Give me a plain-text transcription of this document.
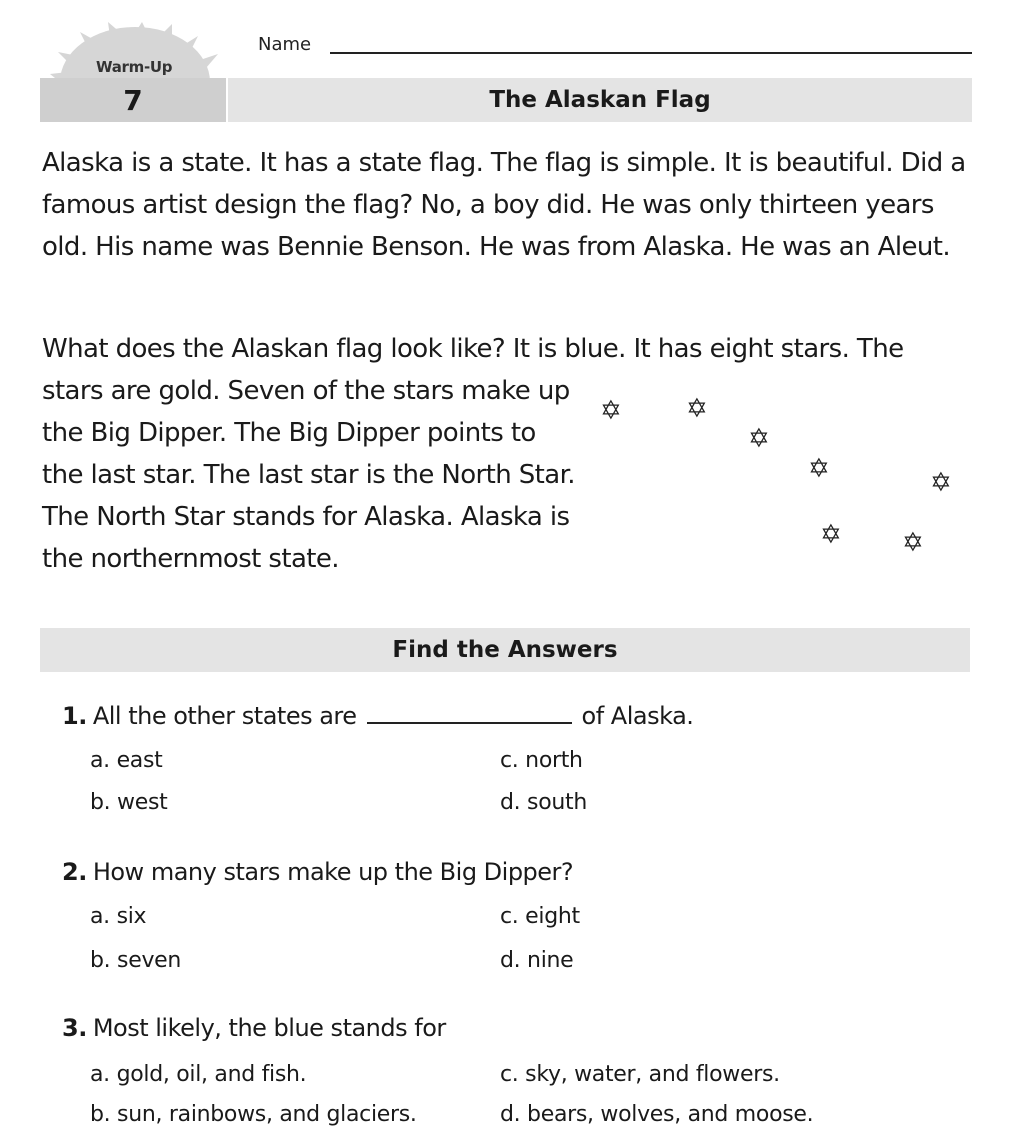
Warm-Up
Name
7	The Alaskan Flag
Alaska is a state. It has a state flag. The flag is simple. It is beautiful. Did a famous artist design the flag? No, a boy did. He was only thirteen years old. His name was Bennie Benson. He was from Alaska. He was an Aleut.
What does the Alaskan flag look like? It is blue. It has eight stars. The
stars are gold. Seven of the stars make up the Big Dipper. The Big Dipper points to the last star. The last star is the North Star. The North Star stands for Alaska. Alaska is the northernmost state.
✡ ✡
✡
✡	✡
✡ ✡
Find the Answers
1. All the other states are	of Alaska.
a. east
b. west
c. north
d. south
2. How many stars make up the Big Dipper?
a. six
b. seven
c. eight
d. nine
3. Most likely, the blue stands for
a. gold, oil, and fish.
b. sun, rainbows, and glaciers.
c. sky, water, and flowers.
d. bears, wolves, and moose.
